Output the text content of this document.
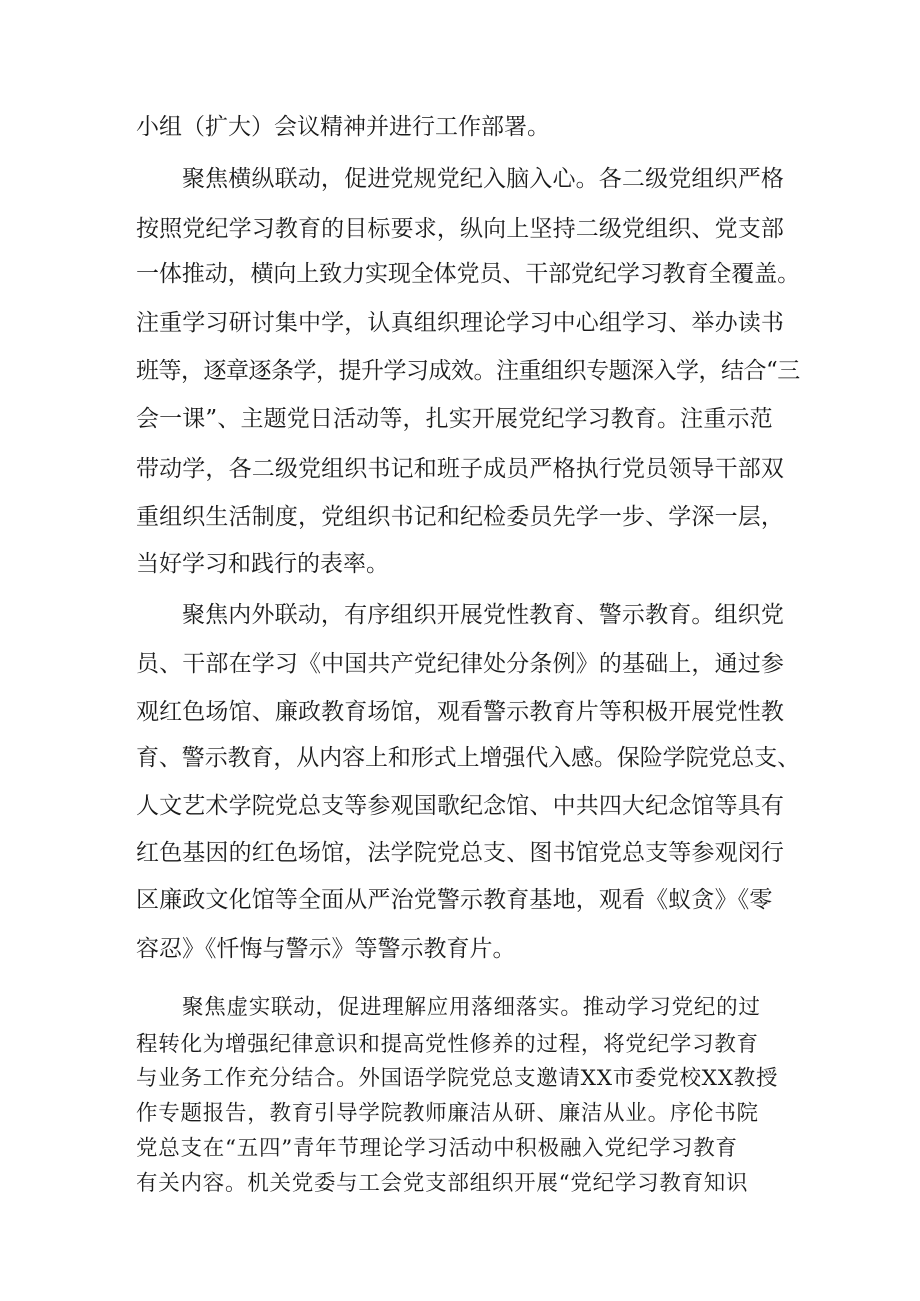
小组（扩大）会议精神并进行工作部署。
聚焦横纵联动，促进党规党纪入脑入心。各二级党组织严格
按照党纪学习教育的目标要求，纵向上坚持二级党组织、党支部
一体推动，横向上致力实现全体党员、干部党纪学习教育全覆盖。
注重学习研讨集中学，认真组织理论学习中心组学习、举办读书
班等，逐章逐条学，提升学习成效。注重组织专题深入学，结合“三
会一课”、主题党日活动等，扎实开展党纪学习教育。注重示范
带动学，各二级党组织书记和班子成员严格执行党员领导干部双
重组织生活制度，党组织书记和纪检委员先学一步、学深一层，
当好学习和践行的表率。
聚焦内外联动，有序组织开展党性教育、警示教育。组织党
员、干部在学习《中国共产党纪律处分条例》的基础上，通过参
观红色场馆、廉政教育场馆，观看警示教育片等积极开展党性教
育、警示教育，从内容上和形式上增强代入感。保险学院党总支、
人文艺术学院党总支等参观国歌纪念馆、中共四大纪念馆等具有
红色基因的红色场馆，法学院党总支、图书馆党总支等参观闵行
区廉政文化馆等全面从严治党警示教育基地，观看《蚁贪》《零
容忍》《忏悔与警示》等警示教育片。
聚焦虚实联动，促进理解应用落细落实。推动学习党纪的过
程转化为增强纪律意识和提高党性修养的过程，将党纪学习教育
与业务工作充分结合。外国语学院党总支邀请XX市委党校XX教授
作专题报告，教育引导学院教师廉洁从研、廉洁从业。序伦书院
党总支在“五四”青年节理论学习活动中积极融入党纪学习教育
有关内容。机关党委与工会党支部组织开展“党纪学习教育知识
